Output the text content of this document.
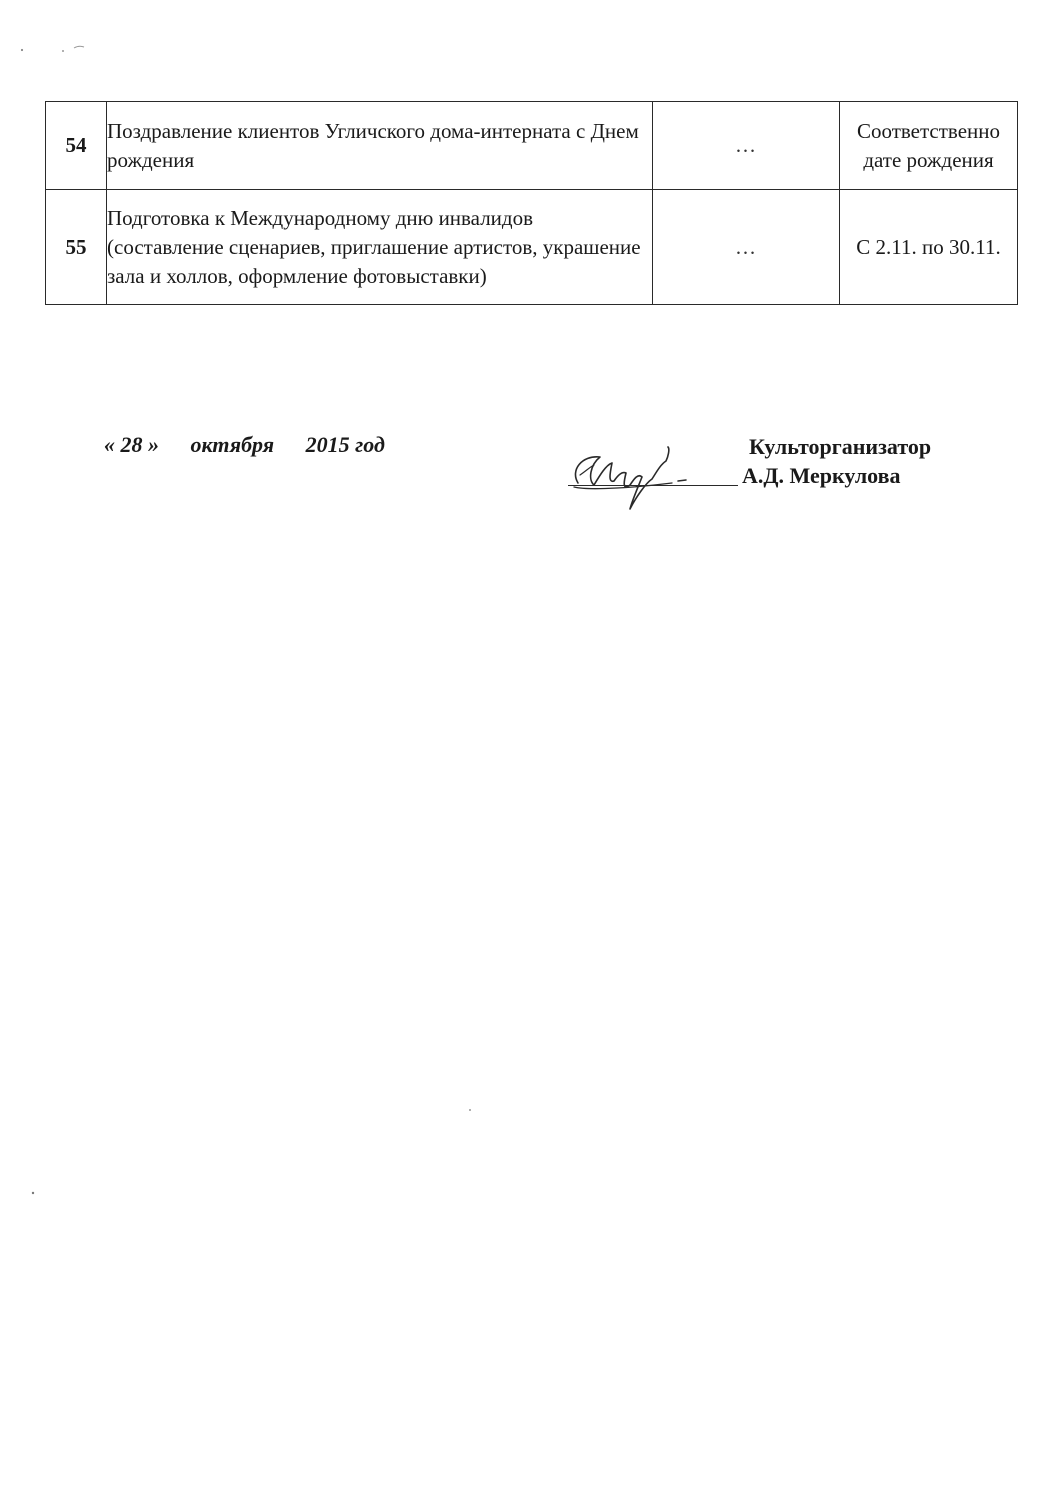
54	Поздравление клиентов Угличского дома-интерната с Днем рождения	…	Соответственно дате рождения
55	Подготовка к Международному дню инвалидов (составление сценариев, приглашение артистов, украшение зала и холлов, оформление фотовыставки)	…	С 2.11. по 30.11.
« 28 » октября 2015 год	Культорганизатор
А.Д. Меркулова
